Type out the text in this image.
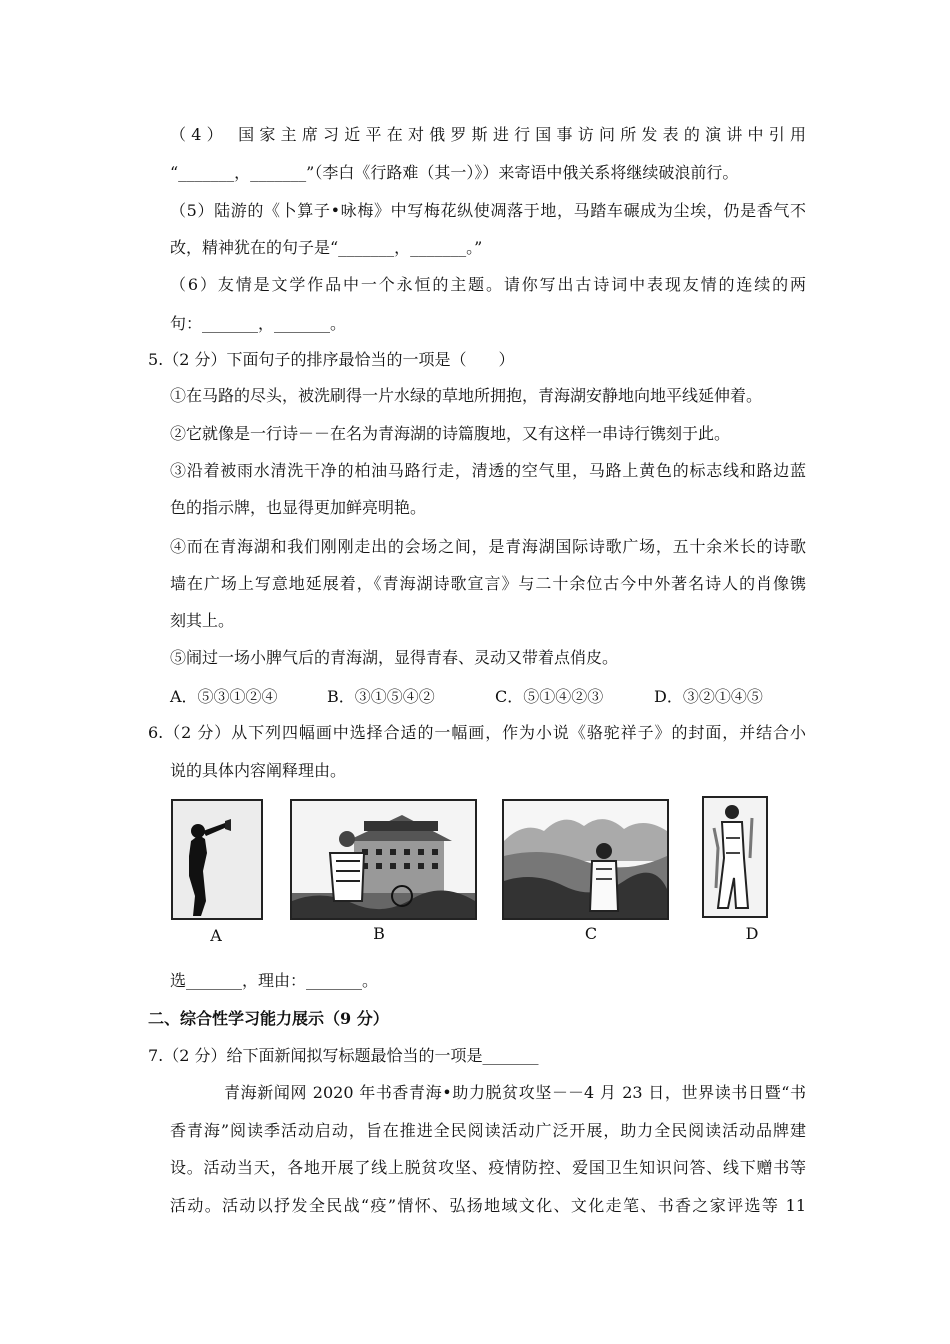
（4） 国家主席习近平在对俄罗斯进行国事访问所发表的演讲中引用
“_______，_______”（李白《行路难（其一）》）来寄语中俄关系将继续破浪前行。
（5）陆游的《卜算子•咏梅》中写梅花纵使凋落于地，马踏车碾成为尘埃，仍是香气不
改，精神犹在的句子是“_______，_______。”
（6）友情是文学作品中一个永恒的主题。请你写出古诗词中表现友情的连续的两
句：_______，_______。
5.（2 分）下面句子的排序最恰当的一项是（　　）
①在马路的尽头，被洗刷得一片水绿的草地所拥抱，青海湖安静地向地平线延伸着。
②它就像是一行诗－－在名为青海湖的诗篇腹地，又有这样一串诗行镌刻于此。
③沿着被雨水清洗干净的柏油马路行走，清透的空气里，马路上黄色的标志线和路边蓝
色的指示牌，也显得更加鲜亮明艳。
④而在青海湖和我们刚刚走出的会场之间，是青海湖国际诗歌广场，五十余米长的诗歌
墙在广场上写意地延展着，《青海湖诗歌宣言》与二十余位古今中外著名诗人的肖像镌
刻其上。
⑤闹过一场小脾气后的青海湖，显得青春、灵动又带着点俏皮。
A．⑤③①②④	B．③①⑤④②	C．⑤①④②③	D．③②①④⑤
6.（2 分）从下列四幅画中选择合适的一幅画，作为小说《骆驼祥子》的封面，并结合小
说的具体内容阐释理由。
A	B	C	D
选_______，理由：_______。
二、综合性学习能力展示（9 分）
7.（2 分）给下面新闻拟写标题最恰当的一项是_______
青海新闻网 2020 年书香青海•助力脱贫攻坚－－4 月 23 日，世界读书日暨“书
香青海”阅读季活动启动，旨在推进全民阅读活动广泛开展，助力全民阅读活动品牌建
设。活动当天，各地开展了线上脱贫攻坚、疫情防控、爱国卫生知识问答、线下赠书等
活动。活动以抒发全民战“疫”情怀、弘扬地域文化、文化走笔、书香之家评选等 11
